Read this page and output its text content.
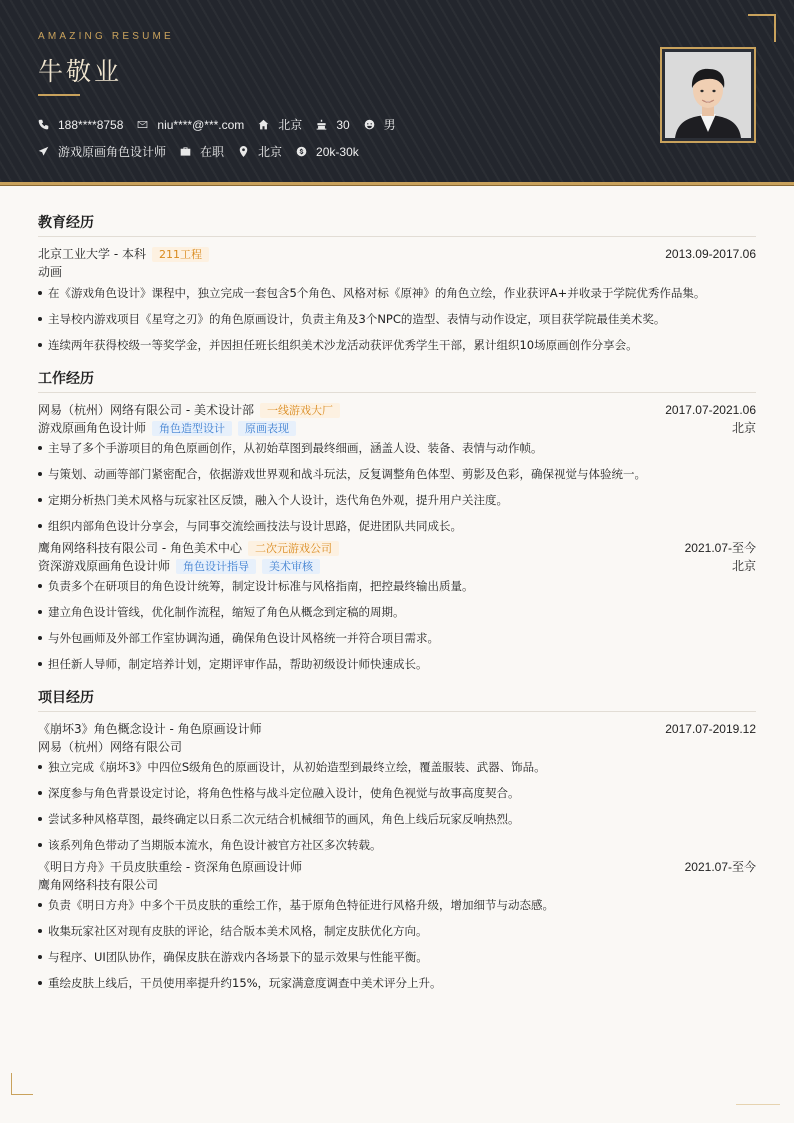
AMAZING RESUME
牛敬业
188****8758	niu****@***.com	北京	30	男
游戏原画角色设计师	在职	北京	20k-30k
教育经历
北京工业大学 - 本科	211工程	2013.09-2017.06
动画
在《游戏角色设计》课程中，独立完成一套包含5个角色、风格对标《原神》的角色立绘，作业获评A+并收录于学院优秀作品集。
主导校内游戏项目《星穹之刃》的角色原画设计，负责主角及3个NPC的造型、表情与动作设定，项目获学院最佳美术奖。
连续两年获得校级一等奖学金，并因担任班长组织美术沙龙活动获评优秀学生干部，累计组织10场原画创作分享会。
工作经历
网易（杭州）网络有限公司 - 美术设计部	一线游戏大厂	2017.07-2021.06
游戏原画角色设计师	角色造型设计	原画表现	北京
主导了多个手游项目的角色原画创作，从初始草图到最终细画，涵盖人设、装备、表情与动作帧。
与策划、动画等部门紧密配合，依据游戏世界观和战斗玩法，反复调整角色体型、剪影及色彩，确保视觉与体验统一。
定期分析热门美术风格与玩家社区反馈，融入个人设计，迭代角色外观，提升用户关注度。
组织内部角色设计分享会，与同事交流绘画技法与设计思路，促进团队共同成长。
鹰角网络科技有限公司 - 角色美术中心	二次元游戏公司	2021.07-至今
资深游戏原画角色设计师	角色设计指导	美术审核	北京
负责多个在研项目的角色设计统筹，制定设计标准与风格指南，把控最终输出质量。
建立角色设计管线，优化制作流程，缩短了角色从概念到定稿的周期。
与外包画师及外部工作室协调沟通，确保角色设计风格统一并符合项目需求。
担任新人导师，制定培养计划，定期评审作品，帮助初级设计师快速成长。
项目经历
《崩坏3》角色概念设计 - 角色原画设计师	2017.07-2019.12
网易（杭州）网络有限公司
独立完成《崩坏3》中四位S级角色的原画设计，从初始造型到最终立绘，覆盖服装、武器、饰品。
深度参与角色背景设定讨论，将角色性格与战斗定位融入设计，使角色视觉与故事高度契合。
尝试多种风格草图，最终确定以日系二次元结合机械细节的画风，角色上线后玩家反响热烈。
该系列角色带动了当期版本流水，角色设计被官方社区多次转载。
《明日方舟》干员皮肤重绘 - 资深角色原画设计师	2021.07-至今
鹰角网络科技有限公司
负责《明日方舟》中多个干员皮肤的重绘工作，基于原角色特征进行风格升级，增加细节与动态感。
收集玩家社区对现有皮肤的评论，结合版本美术风格，制定皮肤优化方向。
与程序、UI团队协作，确保皮肤在游戏内各场景下的显示效果与性能平衡。
重绘皮肤上线后，干员使用率提升约15%，玩家满意度调查中美术评分上升。
